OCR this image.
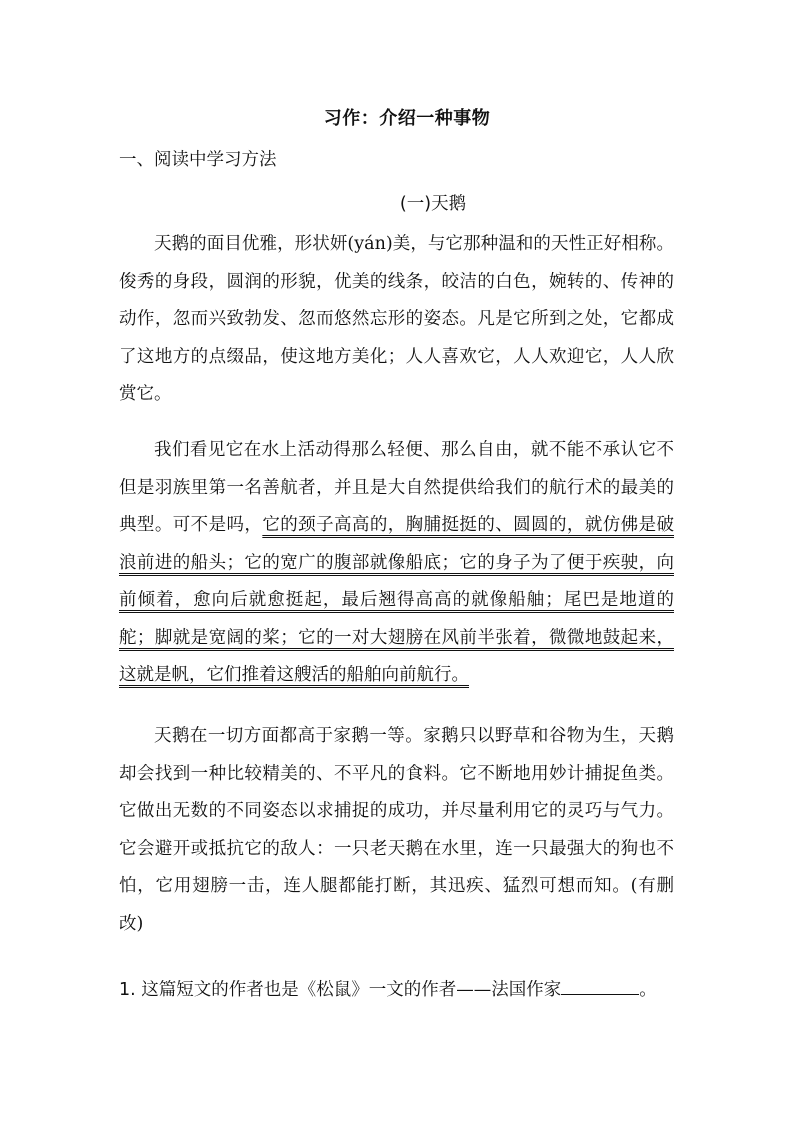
习作：介绍一种事物
一、阅读中学习方法
(一)天鹅

天鹅的面目优雅，形状妍(yán)美，与它那种温和的天性正好相称。俊秀的身段，圆润的形貌，优美的线条，皎洁的白色，婉转的、传神的动作，忽而兴致勃发、忽而悠然忘形的姿态。凡是它所到之处，它都成了这地方的点缀品，使这地方美化；人人喜欢它，人人欢迎它，人人欣赏它。

我们看见它在水上活动得那么轻便、那么自由，就不能不承认它不但是羽族里第一名善航者，并且是大自然提供给我们的航行术的最美的典型。可不是吗，它的颈子高高的，胸脯挺挺的、圆圆的，就仿佛是破浪前进的船头；它的宽广的腹部就像船底；它的身子为了便于疾驶，向前倾着，愈向后就愈挺起，最后翘得高高的就像船舳；尾巴是地道的舵；脚就是宽阔的桨；它的一对大翅膀在风前半张着，微微地鼓起来，这就是帆，它们推着这艘活的船舶向前航行。

天鹅在一切方面都高于家鹅一等。家鹅只以野草和谷物为生，天鹅却会找到一种比较精美的、不平凡的食料。它不断地用妙计捕捉鱼类。它做出无数的不同姿态以求捕捉的成功，并尽量利用它的灵巧与气力。它会避开或抵抗它的敌人：一只老天鹅在水里，连一只最强大的狗也不怕，它用翅膀一击，连人腿都能打断，其迅疾、猛烈可想而知。(有删改)

1. 这篇短文的作者也是《松鼠》一文的作者——法国作家	。
